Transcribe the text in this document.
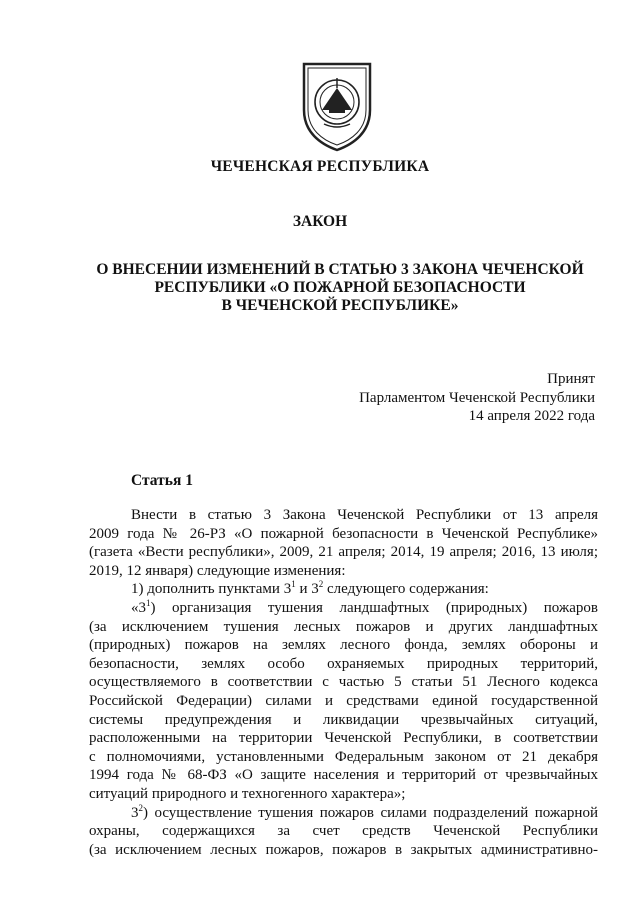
ЧЕЧЕНСКАЯ РЕСПУБЛИКА
ЗАКОН
О ВНЕСЕНИИ ИЗМЕНЕНИЙ В СТАТЬЮ 3 ЗАКОНА ЧЕЧЕНСКОЙ
РЕСПУБЛИКИ «О ПОЖАРНОЙ БЕЗОПАСНОСТИ
В ЧЕЧЕНСКОЙ РЕСПУБЛИКЕ»
Принят
Парламентом Чеченской Республики
14 апреля 2022 года
Статья 1
Внести в статью 3 Закона Чеченской Республики от 13 апреля
2009 года № 26-РЗ «О пожарной безопасности в Чеченской Республике»
(газета «Вести республики», 2009, 21 апреля; 2014, 19 апреля; 2016, 13 июля;
2019, 12 января) следующие изменения:
1) дополнить пунктами $3^1$ и $3^2$ следующего содержания:
«$3^1$) организация тушения ландшафтных (природных) пожаров
(за исключением тушения лесных пожаров и других ландшафтных
(природных) пожаров на землях лесного фонда, землях обороны и
безопасности, землях особо охраняемых природных территорий,
осуществляемого в соответствии с частью 5 статьи 51 Лесного кодекса
Российской Федерации) силами и средствами единой государственной
системы предупреждения и ликвидации чрезвычайных ситуаций,
расположенными на территории Чеченской Республики, в соответствии
с полномочиями, установленными Федеральным законом от 21 декабря
1994 года № 68-ФЗ «О защите населения и территорий от чрезвычайных
ситуаций природного и техногенного характера»;
$3^2$) осуществление тушения пожаров силами подразделений пожарной
охраны, содержащихся за счет средств Чеченской Республики
(за исключением лесных пожаров, пожаров в закрытых административно-
